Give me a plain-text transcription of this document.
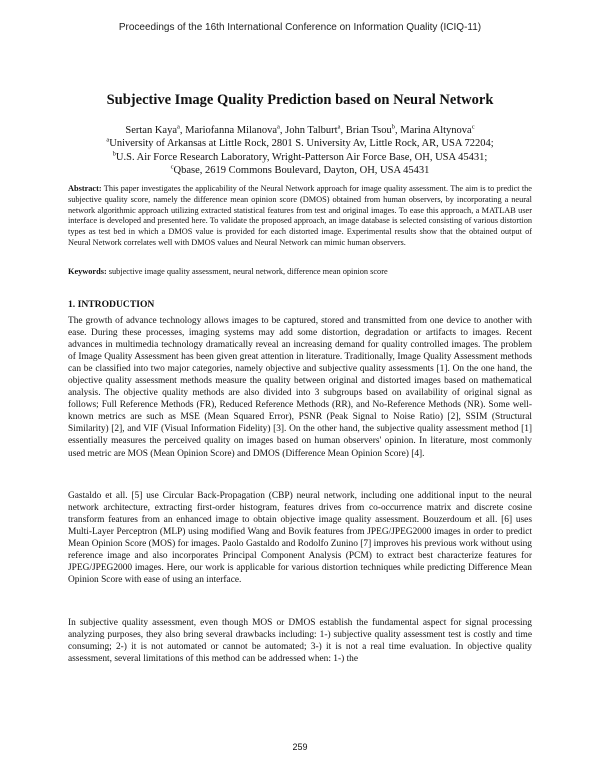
Proceedings of the 16th International Conference on Information Quality (ICIQ-11)
Subjective Image Quality Prediction based on Neural Network
Sertan Kaya$^a$, Mariofanna Milanova$^a$, John Talburt$^a$, Brian Tsou$^b$, Marina Altynova$^c$
$^a$University of Arkansas at Little Rock, 2801 S. University Av, Little Rock, AR, USA 72204;
$^b$U.S. Air Force Research Laboratory, Wright-Patterson Air Force Base, OH, USA 45431;
$^c$Qbase, 2619 Commons Boulevard, Dayton, OH, USA 45431
Abstract: This paper investigates the applicability of the Neural Network approach for image quality assessment. The aim is to predict the subjective quality score, namely the difference mean opinion score (DMOS) obtained from human observers, by incorporating a neural network algorithmic approach utilizing extracted statistical features from test and original images. To ease this approach, a MATLAB user interface is developed and presented here. To validate the proposed approach, an image database is selected consisting of various distortion types as test bed in which a DMOS value is provided for each distorted image. Experimental results show that the obtained output of Neural Network correlates well with DMOS values and Neural Network can mimic human observers.
Keywords: subjective image quality assessment, neural network, difference mean opinion score
1. INTRODUCTION
The growth of advance technology allows images to be captured, stored and transmitted from one device to another with ease. During these processes, imaging systems may add some distortion, degradation or artifacts to images. Recent advances in multimedia technology dramatically reveal an increasing demand for quality controlled images. The problem of Image Quality Assessment has been given great attention in literature. Traditionally, Image Quality Assessment methods can be classified into two major categories, namely objective and subjective quality assessments [1]. On the one hand, the objective quality assessment methods measure the quality between original and distorted images based on mathematical analysis. The objective quality methods are also divided into 3 subgroups based on availability of original signal as follows; Full Reference Methods (FR), Reduced Reference Methods (RR), and No-Reference Methods (NR). Some well-known metrics are such as MSE (Mean Squared Error), PSNR (Peak Signal to Noise Ratio) [2], SSIM (Structural Similarity) [2], and VIF (Visual Information Fidelity) [3]. On the other hand, the subjective quality assessment method [1] essentially measures the perceived quality on images based on human observers' opinion. In literature, most commonly used metric are MOS (Mean Opinion Score) and DMOS (Difference Mean Opinion Score) [4].
Gastaldo et all. [5] use Circular Back-Propagation (CBP) neural network, including one additional input to the neural network architecture, extracting first-order histogram, features drives from co-occurrence matrix and discrete cosine transform features from an enhanced image to obtain objective image quality assessment. Bouzerdoum et all. [6] uses Multi-Layer Perceptron (MLP) using modified Wang and Bovik features from JPEG/JPEG2000 images in order to predict Mean Opinion Score (MOS) for images. Paolo Gastaldo and Rodolfo Zunino [7] improves his previous work without using reference image and also incorporates Principal Component Analysis (PCM) to extract best characterize features for JPEG/JPEG2000 images. Here, our work is applicable for various distortion techniques while predicting Difference Mean Opinion Score with ease of using an interface.
In subjective quality assessment, even though MOS or DMOS establish the fundamental aspect for signal processing analyzing purposes, they also bring several drawbacks including: 1-) subjective quality assessment test is costly and time consuming; 2-) it is not automated or cannot be automated; 3-) it is not a real time evaluation. In objective quality assessment, several limitations of this method can be addressed when: 1-) the
259
